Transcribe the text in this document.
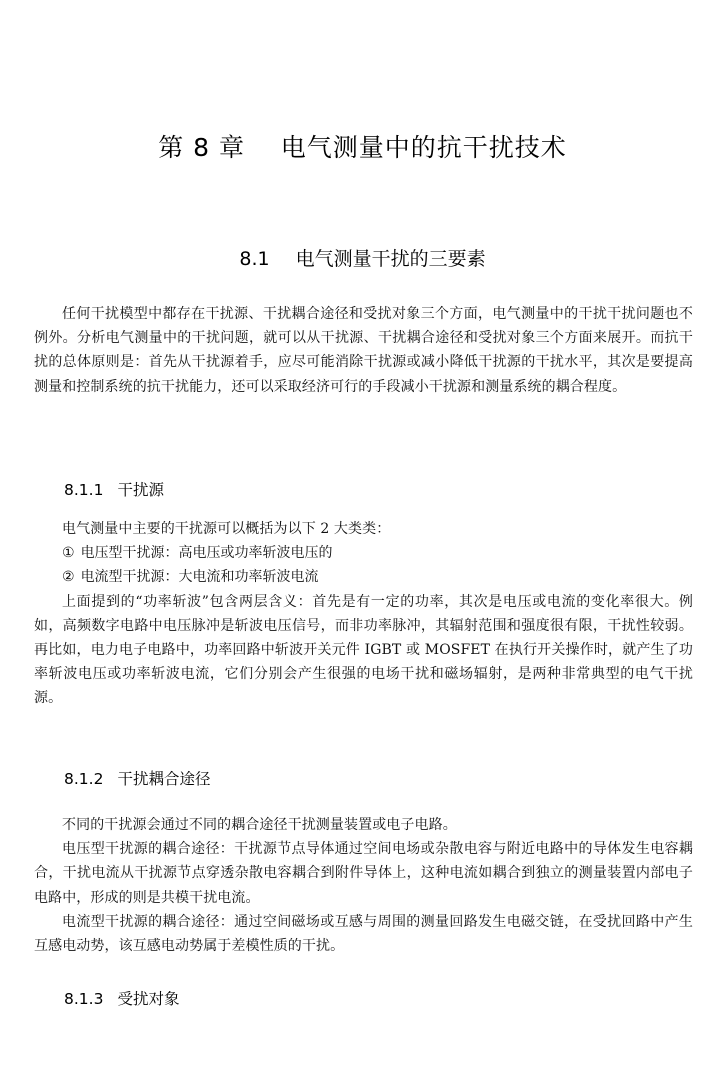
第 8 章 电气测量中的抗干扰技术
8.1 电气测量干扰的三要素

任何干扰模型中都存在干扰源、干扰耦合途径和受扰对象三个方面，电气测量中的干扰干扰问题也不例外。分析电气测量中的干扰问题，就可以从干扰源、干扰耦合途径和受扰对象三个方面来展开。而抗干扰的总体原则是：首先从干扰源着手，应尽可能消除干扰源或减小降低干扰源的干扰水平，其次是要提高测量和控制系统的抗干扰能力，还可以采取经济可行的手段减小干扰源和测量系统的耦合程度。

8.1.1 干扰源

电气测量中主要的干扰源可以概括为以下 2 大类类：

① 电压型干扰源：高电压或功率斩波电压的

② 电流型干扰源：大电流和功率斩波电流

上面提到的“功率斩波”包含两层含义：首先是有一定的功率，其次是电压或电流的变化率很大。例如，高频数字电路中电压脉冲是斩波电压信号，而非功率脉冲，其辐射范围和强度很有限，干扰性较弱。再比如，电力电子电路中，功率回路中斩波开关元件 IGBT 或 MOSFET 在执行开关操作时，就产生了功率斩波电压或功率斩波电流，它们分别会产生很强的电场干扰和磁场辐射，是两种非常典型的电气干扰源。

8.1.2 干扰耦合途径

不同的干扰源会通过不同的耦合途径干扰测量装置或电子电路。

电压型干扰源的耦合途径：干扰源节点导体通过空间电场或杂散电容与附近电路中的导体发生电容耦合，干扰电流从干扰源节点穿透杂散电容耦合到附件导体上，这种电流如耦合到独立的测量装置内部电子电路中，形成的则是共模干扰电流。

电流型干扰源的耦合途径：通过空间磁场或互感与周围的测量回路发生电磁交链，在受扰回路中产生互感电动势，该互感电动势属于差模性质的干扰。

8.1.3 受扰对象
